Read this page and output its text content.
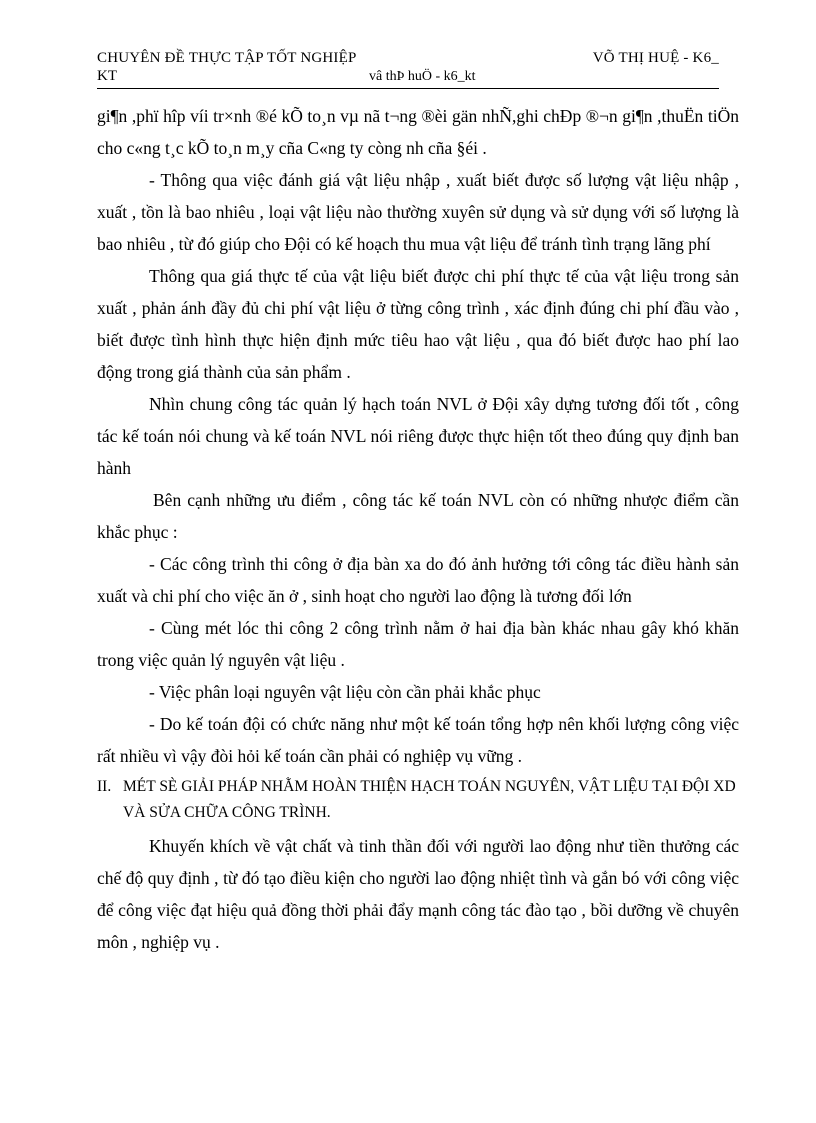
CHUYÊN ĐỀ THỰC TẬP TỐT NGHIỆP	VÕ THỊ HUỆ - K6_
KT	vâ thÞ huÖ - k6_kt

gi¶n ,phï hîp víi tr×nh ®é kÕ to¸n vµ nã t¬ng ®èi gän nhÑ,ghi chÐp ®¬n gi¶n ,thuËn tiÖn cho c«ng t¸c kÕ to¸n m¸y cña C«ng ty còng nh cña §éi .

- Thông qua việc đánh giá vật liệu nhập , xuất biết được số lượng vật liệu nhập , xuất , tồn là bao nhiêu , loại vật liệu nào thường xuyên sử dụng và sử dụng với số lượng là bao nhiêu , từ đó giúp cho Đội có kế hoạch thu mua vật liệu để tránh tình trạng lãng phí

Thông qua giá thực tế của vật liệu biết được chi phí thực tế của vật liệu trong sản xuất , phản ánh đầy đủ chi phí vật liệu ở từng công trình , xác định đúng chi phí đầu vào , biết được tình hình thực hiện định mức tiêu hao vật liệu , qua đó biết được hao phí lao động trong giá thành của sản phẩm .

Nhìn chung công tác quản lý hạch toán NVL ở Đội xây dựng tương đối tốt , công tác kế toán nói chung và kế toán NVL nói riêng được thực hiện tốt theo đúng quy định ban hành

Bên cạnh những ưu điểm , công tác kế toán NVL còn có những nhược điểm cần khắc phục :

- Các công trình thi công ở địa bàn xa do đó ảnh hưởng tới công tác điều hành sản xuất và chi phí cho việc ăn ở , sinh hoạt cho người lao động là tương đối lớn

- Cùng mét lóc thi công 2 công trình nằm ở hai địa bàn khác nhau gây khó khăn trong việc quản lý nguyên vật liệu .

- Việc phân loại nguyên vật liệu còn cần phải khắc phục

- Do kế toán đội có chức năng như một kế toán tổng hợp nên khối lượng công việc rất nhiều vì vậy đòi hỏi kế toán cần phải có nghiệp vụ vững .

II. MÉT SÈ GIẢI PHÁP NHẰM HOÀN THIỆN HẠCH TOÁN NGUYÊN, VẬT LIỆU TẠI ĐỘI XD VÀ SỬA CHỮA CÔNG TRÌNH.

Khuyến khích về vật chất và tinh thần đối với người lao động như tiền thưởng các chế độ quy định , từ đó tạo điều kiện cho người lao động nhiệt tình và gắn bó với công việc để công việc đạt hiệu quả đồng thời phải đẩy mạnh công tác đào tạo , bồi dưỡng về chuyên môn , nghiệp vụ .
